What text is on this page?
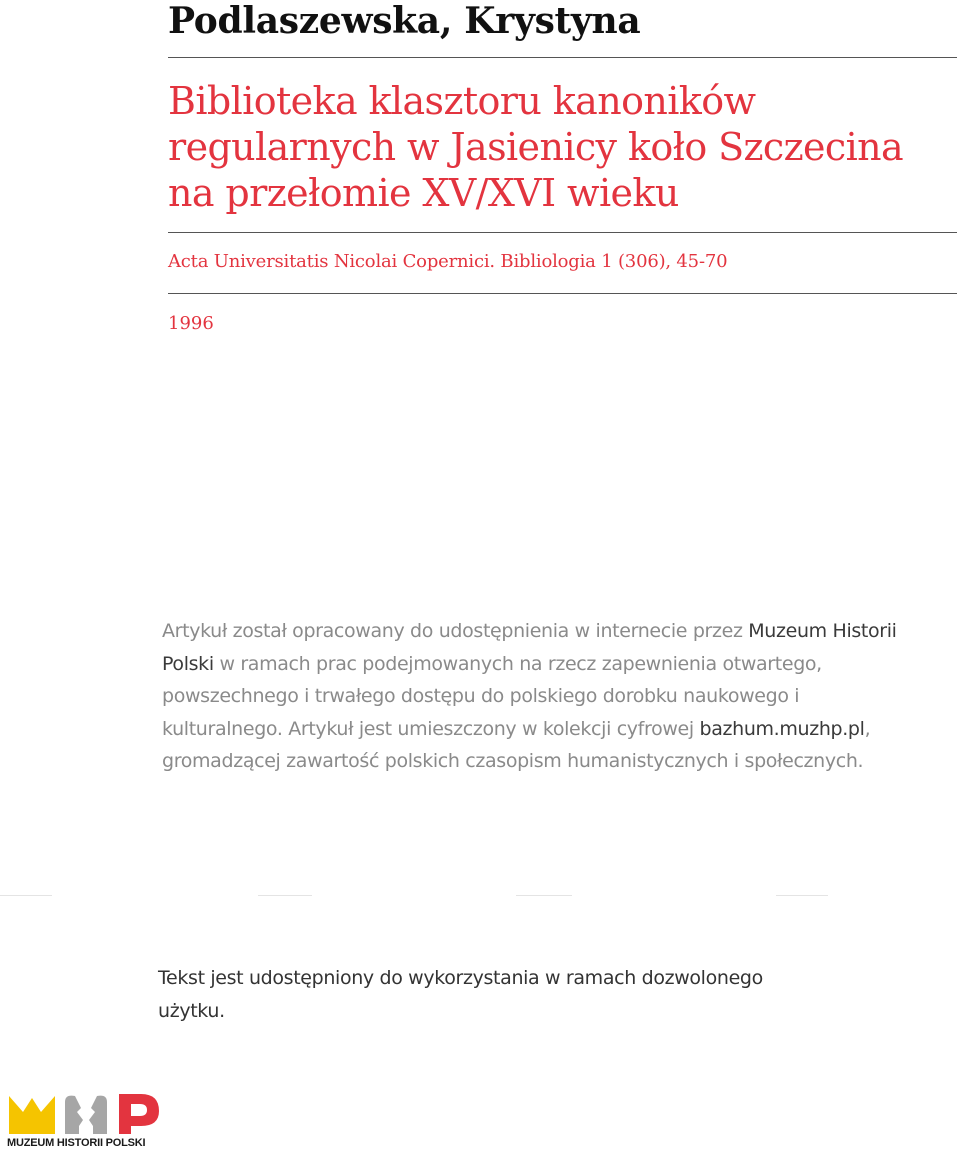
Podlaszewska, Krystyna
Biblioteka klasztoru kanoników regularnych w Jasienicy koło Szczecina na przełomie XV/XVI wieku
Acta Universitatis Nicolai Copernici. Bibliologia 1 (306), 45-70
1996
Artykuł został opracowany do udostępnienia w internecie przez Muzeum Historii Polski w ramach prac podejmowanych na rzecz zapewnienia otwartego, powszechnego i trwałego dostępu do polskiego dorobku naukowego i kulturalnego. Artykuł jest umieszczony w kolekcji cyfrowej bazhum.muzhp.pl, gromadzącej zawartość polskich czasopism humanistycznych i społecznych.
Tekst jest udostępniony do wykorzystania w ramach dozwolonego użytku.
MUZEUM HISTORII POLSKI
